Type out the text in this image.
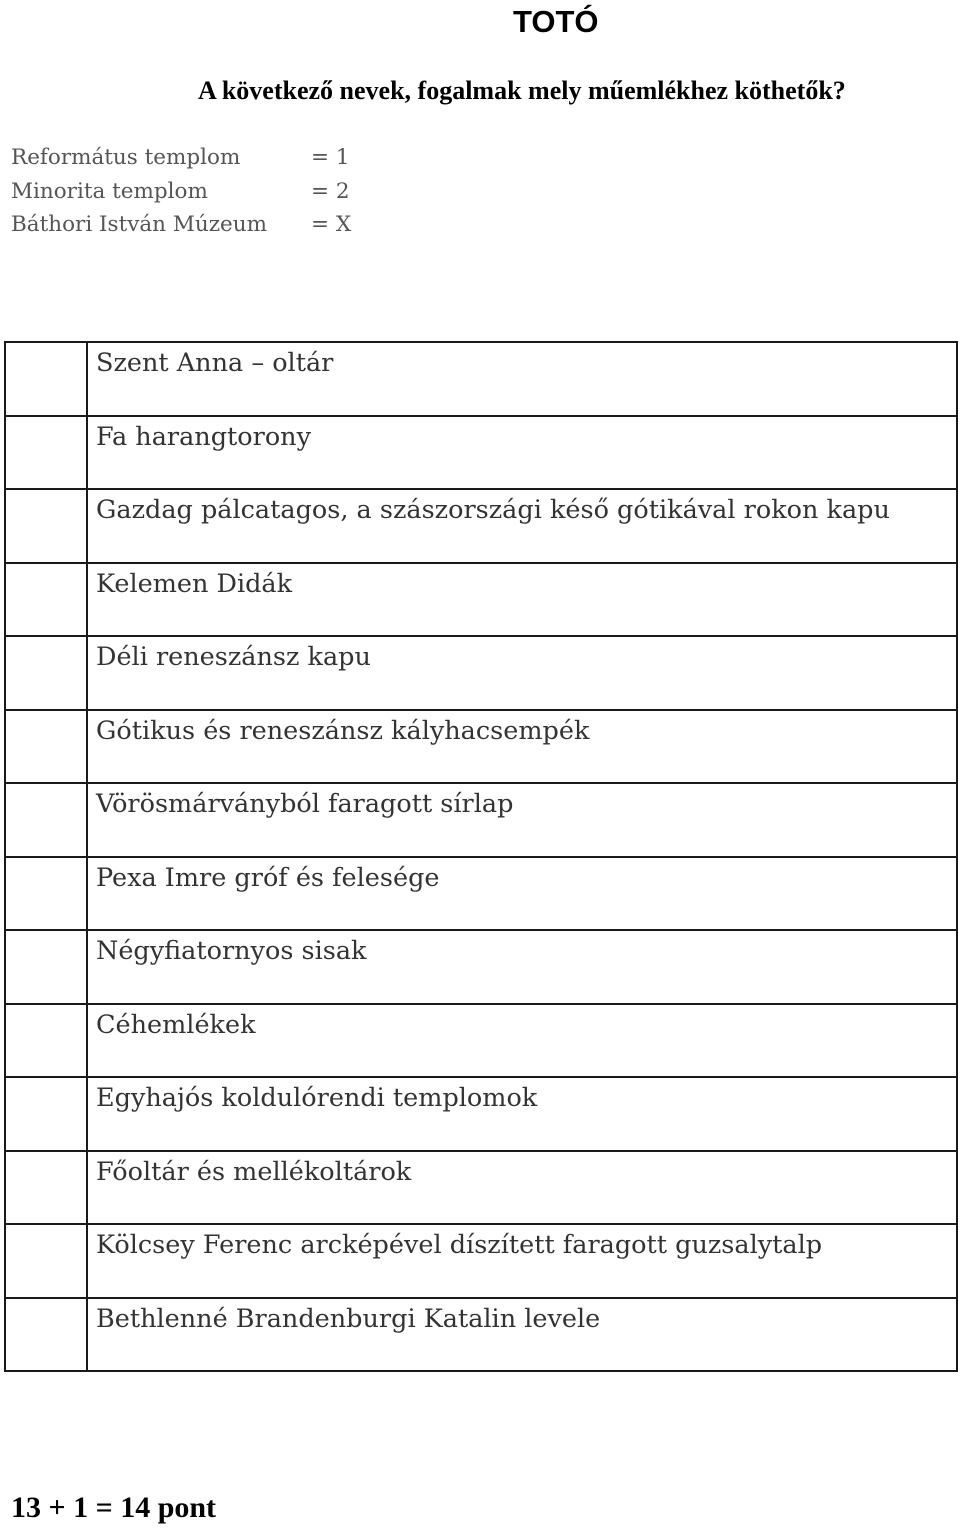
TOTÓ

A következő nevek, fogalmak mely műemlékhez köthetők?

Református templom	= 1
Minorita templom	= 2
Báthori István Múzeum	= X

	Szent Anna – oltár

	Fa harangtorony

	Gazdag pálcatagos, a szászországi késő gótikával rokon kapu

	Kelemen Didák

	Déli reneszánsz kapu

	Gótikus és reneszánsz kályhacsempék

	Vörösmárványból faragott sírlap

	Pexa Imre gróf és felesége

	Négyfiatornyos sisak

	Céhemlékek

	Egyhajós koldulórendi templomok

	Főoltár és mellékoltárok

	Kölcsey Ferenc arcképével díszített faragott guzsalytalp

	Bethlenné Brandenburgi Katalin levele

13 + 1 = 14 pont
